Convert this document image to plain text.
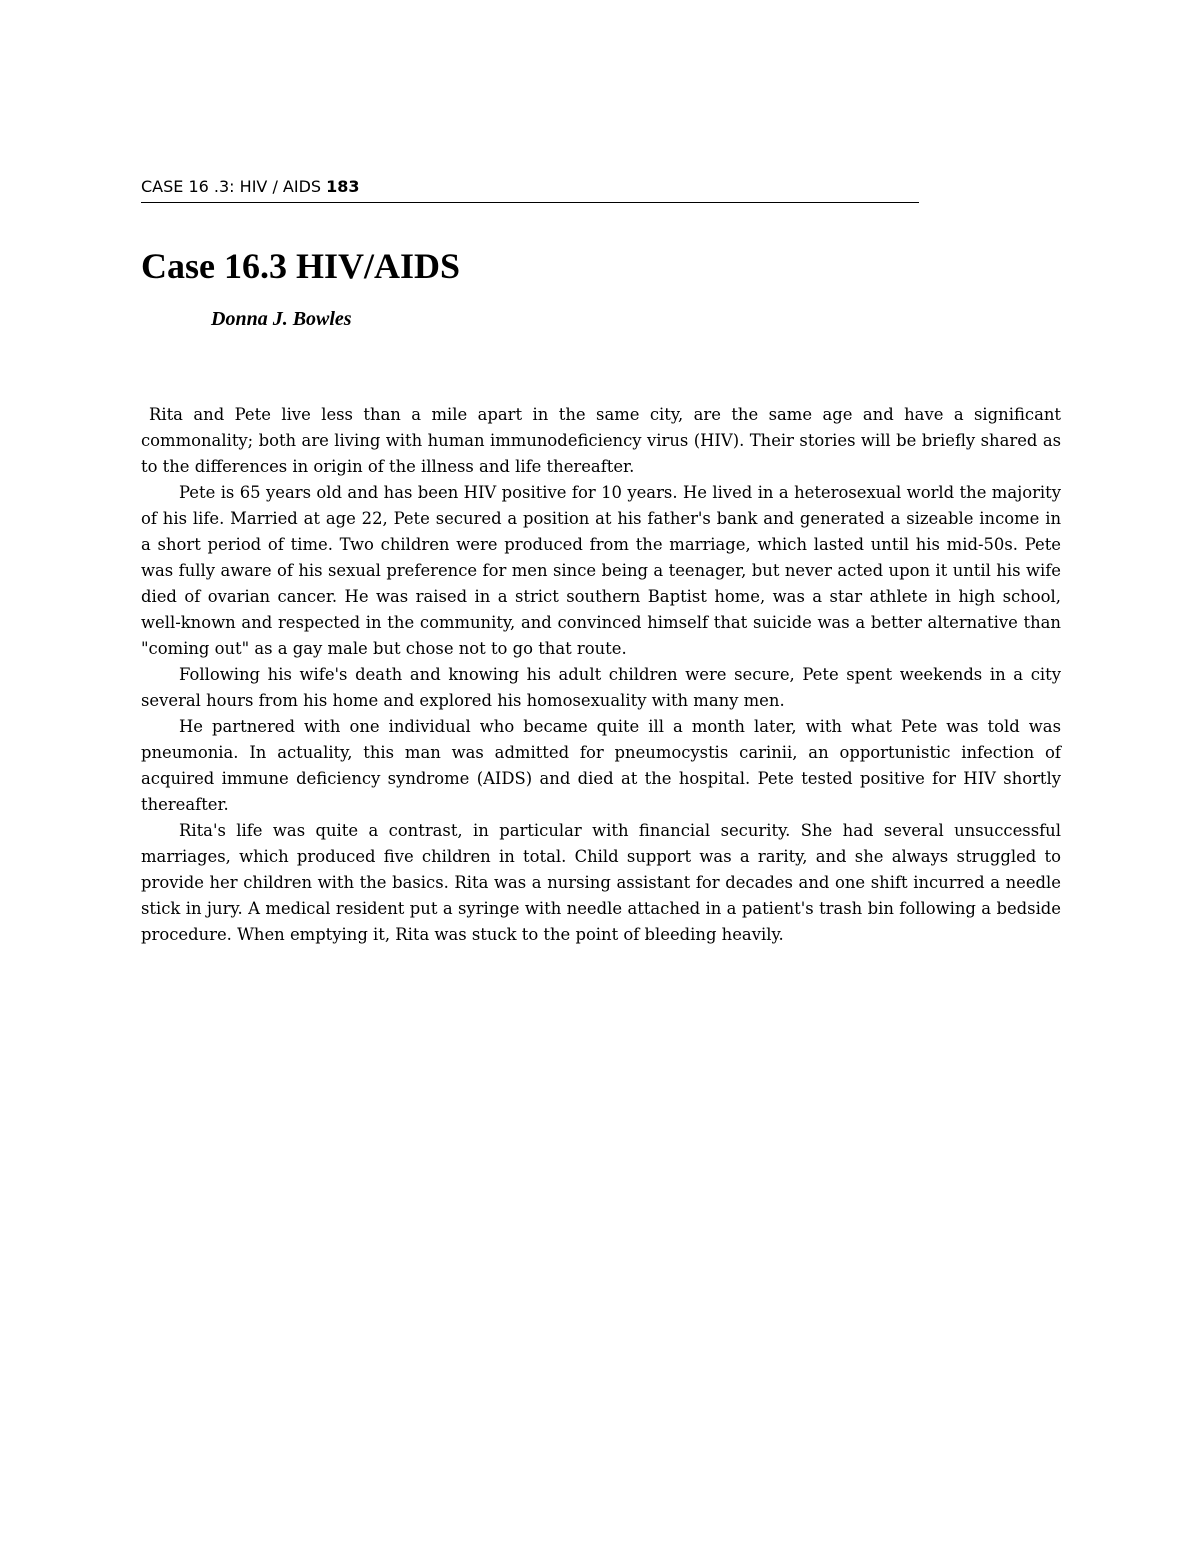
CASE 16 .3: HIV / AIDS 183
Case 16.3 HIV/AIDS

Donna J. Bowles

Rita and Pete live less than a mile apart in the same city, are the same age and have a significant commonality; both are living with human immunodeficiency virus (HIV). Their stories will be briefly shared as to the differences in origin of the illness and life thereafter.

Pete is 65 years old and has been HIV positive for 10 years. He lived in a heterosexual world the majority of his life. Married at age 22, Pete secured a position at his father's bank and generated a sizeable income in a short period of time. Two children were produced from the marriage, which lasted until his mid-50s. Pete was fully aware of his sexual preference for men since being a teenager, but never acted upon it until his wife died of ovarian cancer. He was raised in a strict southern Baptist home, was a star athlete in high school, well-known and respected in the community, and convinced himself that suicide was a better alternative than "coming out" as a gay male but chose not to go that route.

Following his wife's death and knowing his adult children were secure, Pete spent weekends in a city several hours from his home and explored his homosexuality with many men.

He partnered with one individual who became quite ill a month later, with what Pete was told was pneumonia. In actuality, this man was admitted for pneumocystis carinii, an opportunistic infection of acquired immune deficiency syndrome (AIDS) and died at the hospital. Pete tested positive for HIV shortly thereafter.

Rita's life was quite a contrast, in particular with financial security. She had several unsuccessful marriages, which produced five children in total. Child support was a rarity, and she always struggled to provide her children with the basics. Rita was a nursing assistant for decades and one shift incurred a needle stick in jury. A medical resident put a syringe with needle attached in a patient's trash bin following a bedside procedure. When emptying it, Rita was stuck to the point of bleeding heavily.
